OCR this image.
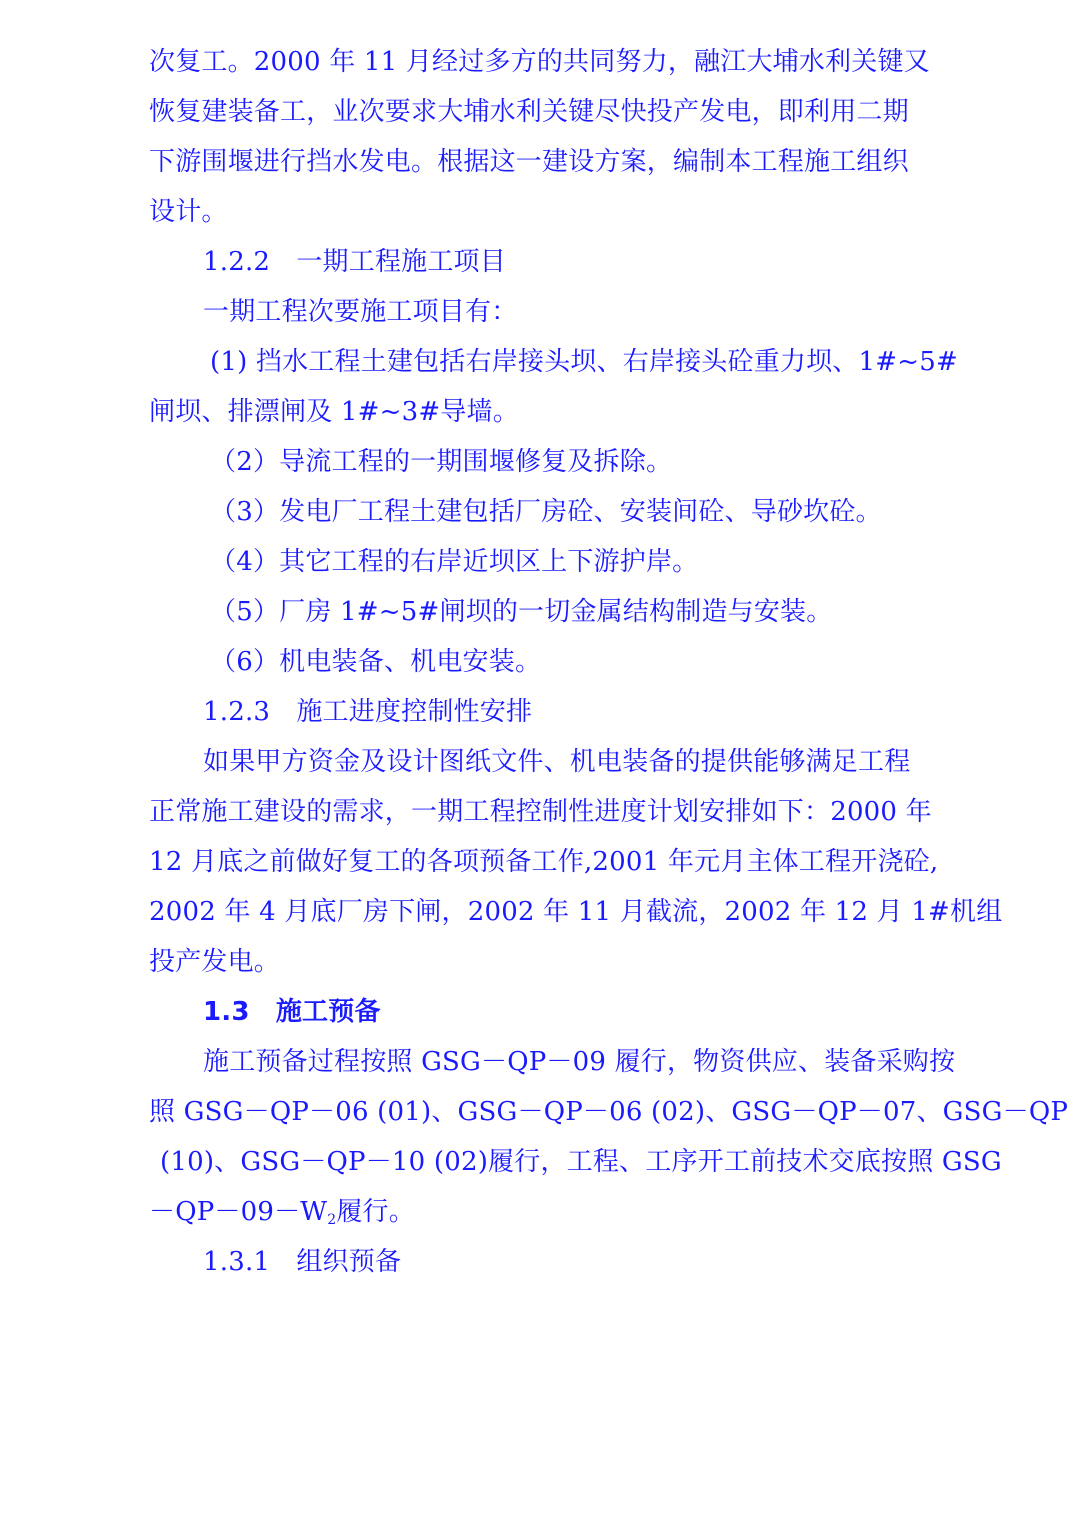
次复工。2000 年 11 月经过多方的共同努力，融江大埔水利关键又
恢复建装备工，业次要求大埔水利关键尽快投产发电，即利用二期
下游围堰进行挡水发电。根据这一建设方案，编制本工程施工组织
设计。
1.2.2　一期工程施工项目
一期工程次要施工项目有：
(1) 挡水工程土建包括右岸接头坝、右岸接头砼重力坝、1#~5#
闸坝、排漂闸及 1#~3#导墙。
（2）导流工程的一期围堰修复及拆除。
（3）发电厂工程土建包括厂房砼、安装间砼、导砂坎砼。
（4）其它工程的右岸近坝区上下游护岸。
（5）厂房 1#~5#闸坝的一切金属结构制造与安装。
（6）机电装备、机电安装。
1.2.3　施工进度控制性安排
如果甲方资金及设计图纸文件、机电装备的提供能够满足工程
正常施工建设的需求，一期工程控制性进度计划安排如下：2000 年
12 月底之前做好复工的各项预备工作,2001 年元月主体工程开浇砼,
2002 年 4 月底厂房下闸，2002 年 11 月截流，2002 年 12 月 1#机组
投产发电。
1.3　施工预备
施工预备过程按照 GSG－QP－09 履行，物资供应、装备采购按
照 GSG－QP－06 (01)、GSG－QP－06 (02)、GSG－QP－07、GSG－QP
(10)、GSG－QP－10 (02)履行，工程、工序开工前技术交底按照 GSG
$-QP-09-W_2$履行。
1.3.1　组织预备
